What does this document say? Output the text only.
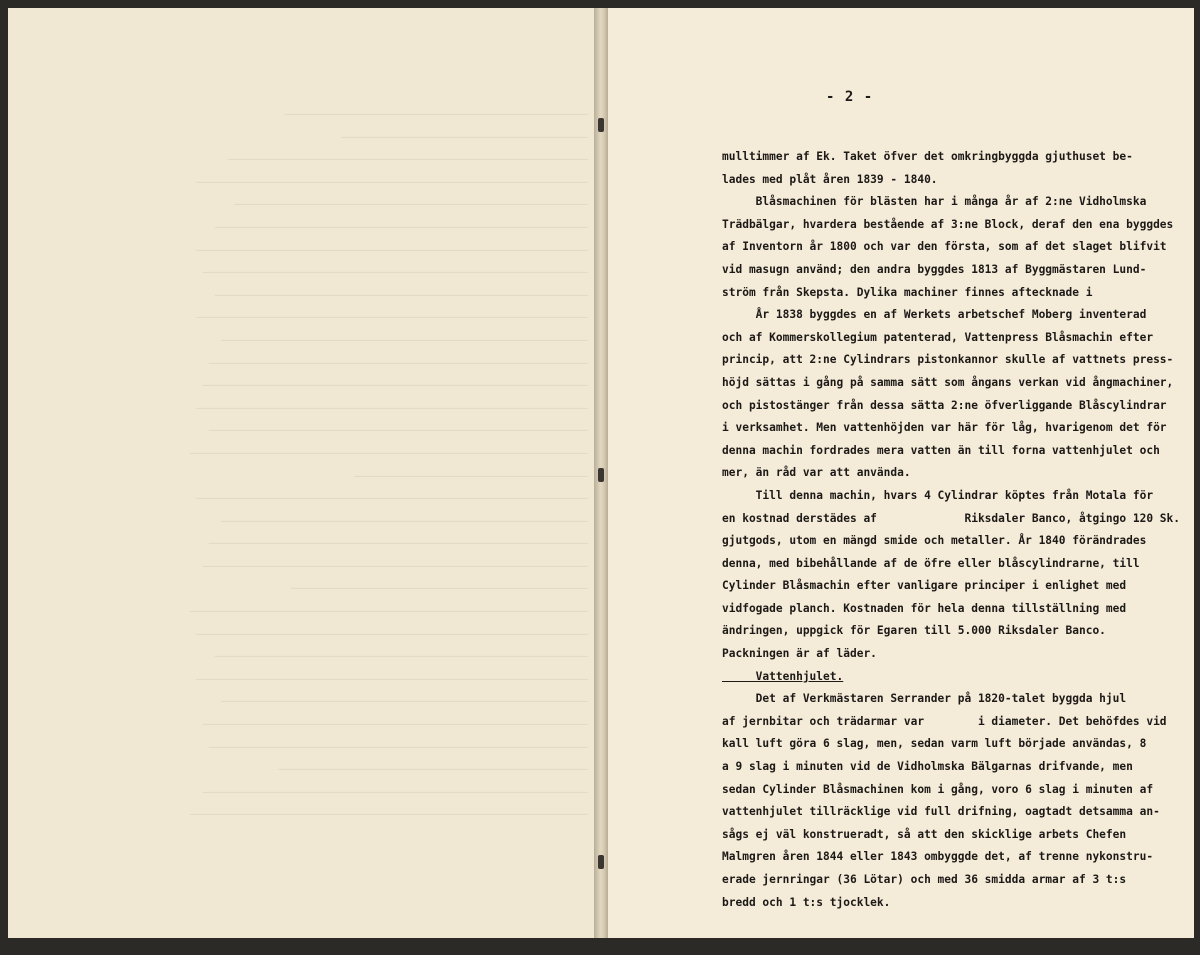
————————————————————————————————————————————————
———————————————————————————————————————
—————————————————————————————————————————————————————————
——————————————————————————————————————————————————————————————
————————————————————————————————————————————————————————
———————————————————————————————————————————————————————————
——————————————————————————————————————————————————————————————
—————————————————————————————————————————————————————————————
———————————————————————————————————————————————————————————
——————————————————————————————————————————————————————————————
——————————————————————————————————————————————————————————
————————————————————————————————————————————————————————————
—————————————————————————————————————————————————————————————
——————————————————————————————————————————————————————————————
————————————————————————————————————————————————————————————
———————————————————————————————————————————————————————————————
—————————————————————————————————————
——————————————————————————————————————————————————————————————
——————————————————————————————————————————————————————————
————————————————————————————————————————————————————————————
—————————————————————————————————————————————————————————————
———————————————————————————————————————————————
———————————————————————————————————————————————————————————————
——————————————————————————————————————————————————————————————
———————————————————————————————————————————————————————————
——————————————————————————————————————————————————————————————
——————————————————————————————————————————————————————————
—————————————————————————————————————————————————————————————
————————————————————————————————————————————————————————————
—————————————————————————————————————————————————
—————————————————————————————————————————————————————————————
———————————————————————————————————————————————————————————————
- 2 -
mulltimmer af Ek. Taket öfver det omkringbyggda gjuthuset be-
lades med plåt åren 1839 - 1840.
Blåsmachinen för blästen har i många år af 2:ne Vidholmska
Trädbälgar, hvardera bestående af 3:ne Block, deraf den ena byggdes
af Inventorn år 1800 och var den första, som af det slaget blifvit
vid masugn använd; den andra byggdes 1813 af Byggmästaren Lund-
ström från Skepsta. Dylika machiner finnes aftecknade i
År 1838 byggdes en af Werkets arbetschef Moberg inventerad
och af Kommerskollegium patenterad, Vattenpress Blåsmachin efter
princip, att 2:ne Cylindrars pistonkannor skulle af vattnets press-
höjd sättas i gång på samma sätt som ångans verkan vid ångmachiner,
och pistostänger från dessa sätta 2:ne öfverliggande Blåscylindrar
i verksamhet. Men vattenhöjden var här för låg, hvarigenom det för
denna machin fordrades mera vatten än till forna vattenhjulet och
mer, än råd var att använda.
Till denna machin, hvars 4 Cylindrar köptes från Motala för
en kostnad derstädes af             Riksdaler Banco, åtgingo 120 Sk.
gjutgods, utom en mängd smide och metaller. År 1840 förändrades
denna, med bibehållande af de öfre eller blåscylindrarne, till
Cylinder Blåsmachin efter vanligare principer i enlighet med
vidfogade planch. Kostnaden för hela denna tillställning med
ändringen, uppgick för Egaren till 5.000 Riksdaler Banco.
Packningen är af läder.
Vattenhjulet.
Det af Verkmästaren Serrander på 1820-talet byggda hjul
af jernbitar och trädarmar var        i diameter. Det behöfdes vid
kall luft göra 6 slag, men, sedan varm luft började användas, 8
a 9 slag i minuten vid de Vidholmska Bälgarnas drifvande, men
sedan Cylinder Blåsmachinen kom i gång, voro 6 slag i minuten af
vattenhjulet tillräcklige vid full drifning, oagtadt detsamma an-
sågs ej väl konstrueradt, så att den skicklige arbets Chefen
Malmgren åren 1844 eller 1843 ombyggde det, af trenne nykonstru-
erade jernringar (36 Lötar) och med 36 smidda armar af 3 t:s
bredd och 1 t:s tjocklek.
